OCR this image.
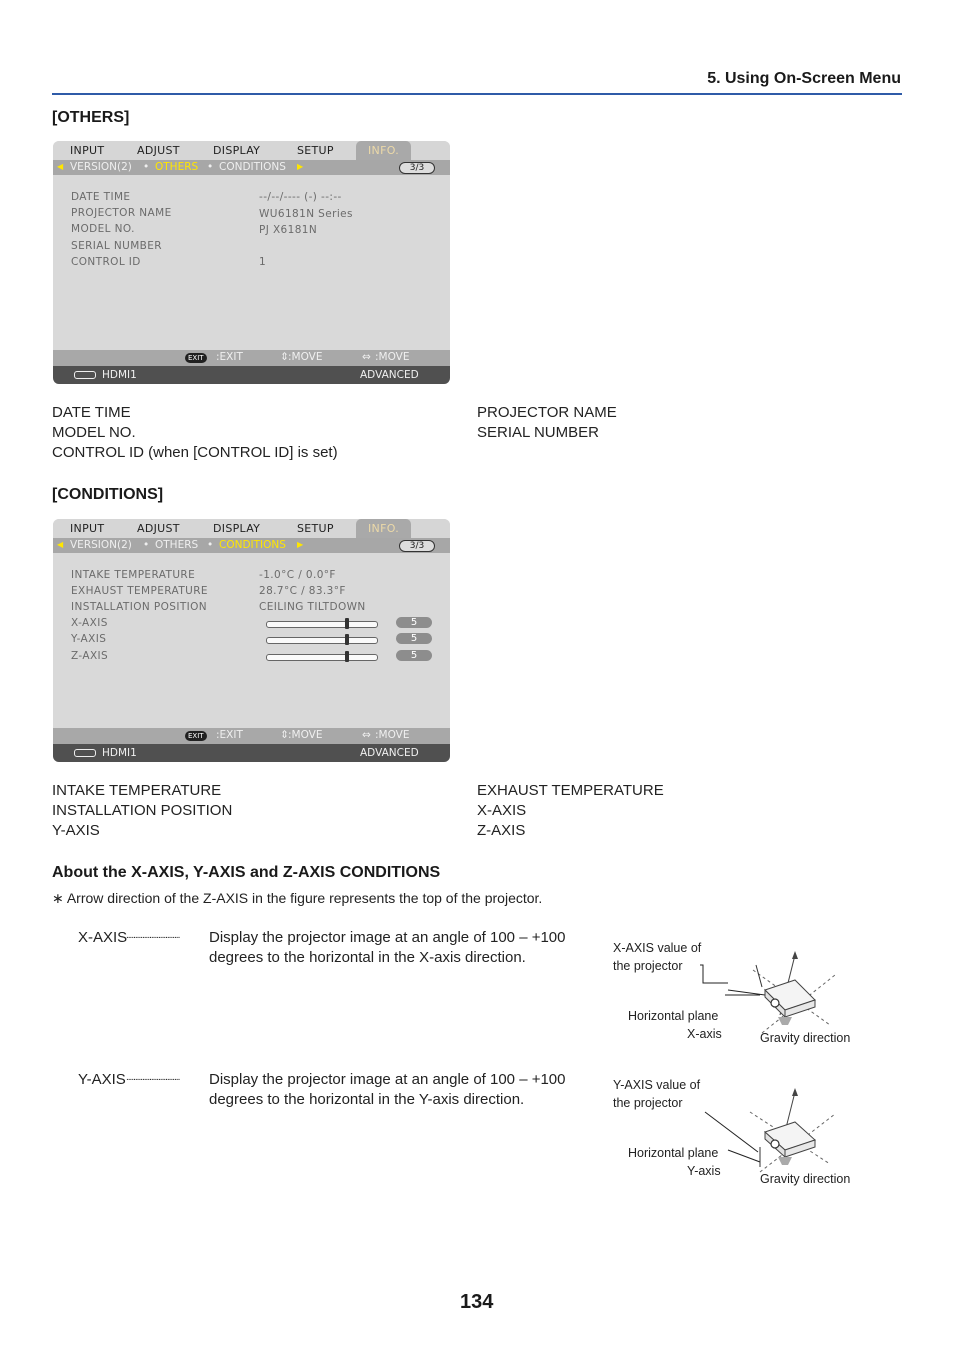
5. Using On-Screen Menu
[OTHERS]
INPUT	ADJUST	DISPLAY	SETUP	INFO.
◀ VERSION(2) • OTHERS • CONDITIONS ▶	3/3
DATE TIME	--/--/---- (-) --:--
PROJECTOR NAME	WU6181N Series
MODEL NO.	PJ X6181N
SERIAL NUMBER
CONTROL ID	1
EXIT :EXIT	⇕ :MOVE	⇔ :MOVE
HDMI1	ADVANCED
DATE TIME
MODEL NO.
CONTROL ID (when [CONTROL ID] is set)
PROJECTOR NAME
SERIAL NUMBER
[CONDITIONS]
INPUT	ADJUST	DISPLAY	SETUP	INFO.
◀ VERSION(2) • OTHERS • CONDITIONS ▶	3/3
INTAKE TEMPERATURE	-1.0°C / 0.0°F
EXHAUST TEMPERATURE	28.7°C / 83.3°F
INSTALLATION POSITION	CEILING TILTDOWN
X-AXIS	5
Y-AXIS	5
Z-AXIS	5
EXIT :EXIT	⇕ :MOVE	⇔ :MOVE
HDMI1	ADVANCED
INTAKE TEMPERATURE
INSTALLATION POSITION
Y-AXIS
EXHAUST TEMPERATURE
X-AXIS
Z-AXIS
About the X-AXIS, Y-AXIS and Z-AXIS CONDITIONS
∗ Arrow direction of the Z-AXIS in the figure represents the top of the projector.
X-AXIS
.............................. Display the projector image at an angle of 100 – +100
degrees to the horizontal in the X-axis direction.
Y-AXIS .............................. Display the projector image at an angle of 100 – +100
degrees to the horizontal in the Y-axis direction.
X-AXIS value of
the projector
Horizontal plane
X-axis	Gravity direction
Y-AXIS value of
the projector
Horizontal plane
Y-axis
Gravity direction
134
